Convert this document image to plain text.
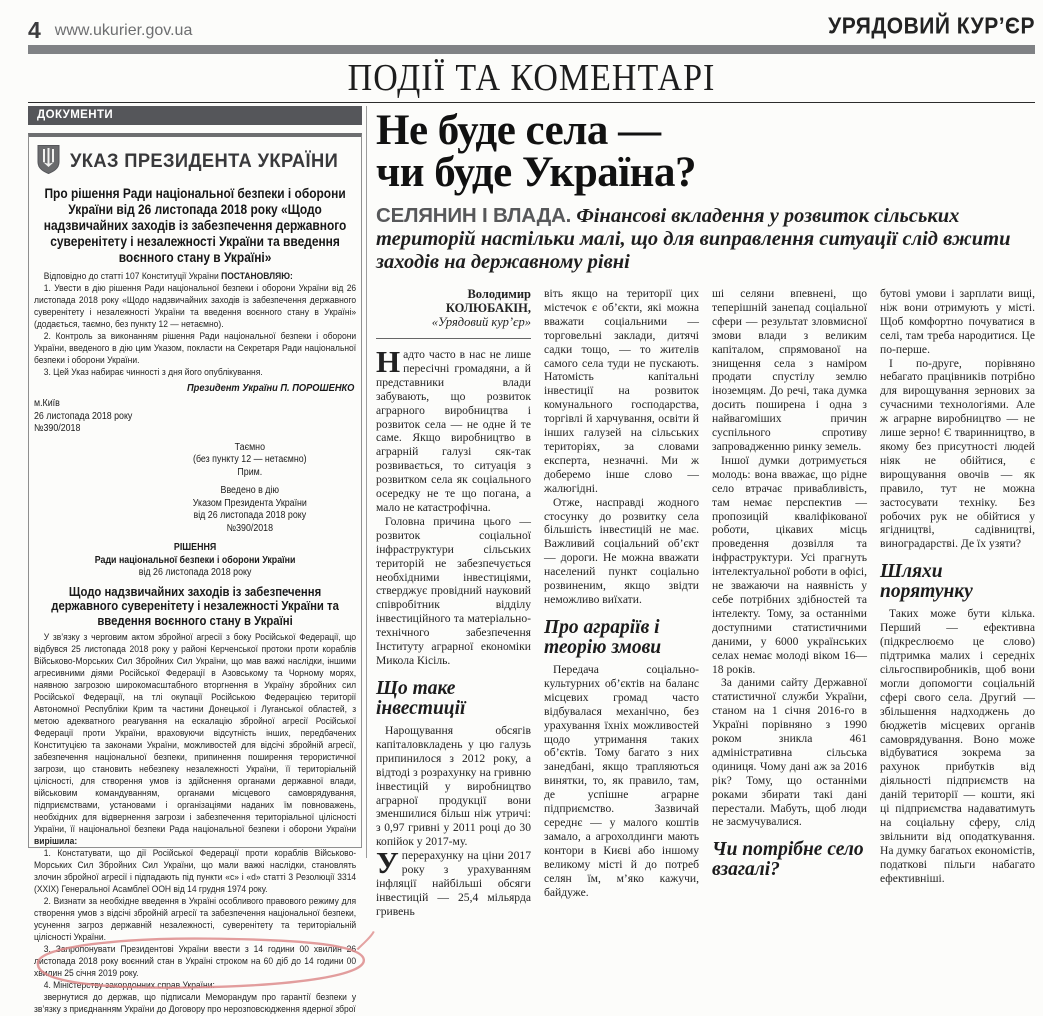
4 www.ukurier.gov.ua	УРЯДОВИЙ КУР’ЄР
ПОДІЇ ТА КОМЕНТАРІ
ДОКУМЕНТИ
УКАЗ ПРЕЗИДЕНТА УКРАЇНИ
Про рішення Ради національної безпеки і оборони України від 26 листопада 2018 року «Щодо надзвичайних заходів із забезпечення державного суверенітету і незалежності України та введення воєнного стану в Україні»

Відповідно до статті 107 Конституції України ПОСТАНОВЛЯЮ:

1. Увести в дію рішення Ради національної безпеки і оборони України від 26 листопада 2018 року «Щодо надзвичайних заходів із забезпечення державного суверенітету і незалежності України та введення воєнного стану в Україні» (додається, таємно, без пункту 12 — нетаємно).

2. Контроль за виконанням рішення Ради національної безпеки і оборони України, введеного в дію цим Указом, покласти на Секретаря Ради національної безпеки і оборони України.

3. Цей Указ набирає чинності з дня його опублікування.

Президент України П. ПОРОШЕНКО
м.Київ
26 листопада 2018 року
№390/2018
Таємно
(без пункту 12 — нетаємно)
Прим.
Введено в дію
Указом Президента України
від 26 листопада 2018 року
№390/2018
РІШЕННЯ
Ради національної безпеки і оборони України
від 26 листопада 2018 року
Щодо надзвичайних заходів із забезпечення державного суверенітету і незалежності України та введення воєнного стану в Україні

У зв’язку з черговим актом збройної агресії з боку Російської Федерації, що відбувся 25 листопада 2018 року у районі Керченської протоки проти кораблів Військово-Морських Сил Збройних Сил України, що мав важкі наслідки, іншими агресивними діями Російської Федерації в Азовському та Чорному морях, наявною загрозою широкомасштабного вторгнення в Україну збройних сил Російської Федерації, на тлі окупації Російською Федерацією території Автономної Республіки Крим та частини Донецької і Луганської областей, з метою адекватного реагування на ескалацію збройної агресії Російської Федерації проти України, враховуючи відсутність інших, передбачених Конституцією та законами України, можливостей для відсічі збройній агресії, забезпечення національної безпеки, припинення поширення терористичної загрози, що становить небезпеку незалежності України, її територіальній цілісності, для створення умов із здійснення органами державної влади, військовим командуванням, органами місцевого самоврядування, підприємствами, установами і організаціями наданих їм повноважень, необхідних для відвернення загрози і забезпечення територіальної цілісності України, її національної безпеки Рада національної безпеки і оборони України вирішила:

1. Констатувати, що дії Російської Федерації проти кораблів Військово-Морських Сил Збройних Сил України, що мали важкі наслідки, становлять злочин збройної агресії і підпадають під пункти «c» і «d» статті 3 Резолюції 3314 (XXIX) Генеральної Асамблеї ООН від 14 грудня 1974 року.

2. Визнати за необхідне введення в Україні особливого правового режиму для створення умов з відсічі збройній агресії та забезпечення національної безпеки, усунення загроз державній незалежності, суверенітету та територіальній цілісності України.

3. Запропонувати Президентові України ввести з 14 години 00 хвилин 26 листопада 2018 року воєнний стан в Україні строком на 60 діб до 14 години 00 хвилин 25 січня 2019 року.

4. Міністерству закордонних справ України:

звернутися до держав, що підписали Меморандум про гарантії безпеки у зв’язку з приєднанням України до Договору про нерозповсюдження ядерної зброї

Не буде села —
чи буде Україна?
СЕЛЯНИН І ВЛАДА. Фінансові вкладення у розвиток сільських територій настільки малі, що для виправлення ситуації слід вжити заходів на державному рівні
Володимир
КОЛЮБАКІН,
«Урядовий кур’єр»

Надто часто в нас не лише пересічні громадяни, а й представники влади забувають, що розвиток аграрного виробництва і розвиток села — не одне й те саме. Якщо виробництво в аграрній галузі сяк-так розвивається, то ситуація з розвитком села як соціального осередку не те що погана, а мало не катастрофічна.

Головна причина цього — розвиток соціальної інфраструктури сільських територій не забезпечується необхідними інвестиціями, стверджує провідний науковий співробітник відділу інвестиційного та матеріально-технічного забезпечення Інституту аграрної економіки Микола Кісіль.

Що таке інвестиції

Нарощування обсягів капіталовкладень у цю галузь припинилося з 2012 року, а відтоді з розрахунку на гривню інвестицій у виробництво аграрної продукції вони зменшилися більш ніж утричі: з 0,97 гривні у 2011 році до 30 копійок у 2017-му.

Уперерахунку на ціни 2017 року з урахуванням інфляції найбільші обсяги інвестицій — 25,4 мільярда гривень

віть якщо на території цих містечок є об’єкти, які можна вважати соціальними — торговельні заклади, дитячі садки тощо, — то жителів самого села туди не пускають. Натомість капітальні інвестиції на розвиток комунального господарства, торгівлі й харчування, освіти й інших галузей на сільських територіях, за словами експерта, незначні. Ми ж доберемо інше слово — жалюгідні.

Отже, насправді жодного стосунку до розвитку села більшість інвестицій не має. Важливий соціальний об’єкт — дороги. Не можна вважати населений пункт соціально розвиненим, якщо звідти неможливо виїхати.

Про аграріїв і теорію змови

Передача соціально-культурних об’єктів на баланс місцевих громад часто відбувалася механічно, без урахування їхніх можливостей щодо утримання таких об’єктів. Тому багато з них занедбані, якщо трапляються винятки, то, як правило, там, де успішне аграрне підприємство. Зазвичай середнє — у малого коштів замало, а агрохолдинги мають контори в Києві або іншому великому місті й до потреб селян їм, м’яко кажучи, байдуже.

ші селяни впевнені, що теперішній занепад соціальної сфери — результат зловмисної змови влади з великим капіталом, спрямованої на знищення села з наміром продати спустілу землю іноземцям. До речі, така думка досить поширена і одна з найвагоміших причин суспільного спротиву запровадженню ринку земель.

Іншої думки дотримується молодь: вона вважає, що рідне село втрачає привабливість, там немає перспектив — пропозицій кваліфікованої роботи, цікавих місць проведення дозвілля та інфраструктури. Усі прагнуть інтелектуальної роботи в офісі, не зважаючи на наявність у себе потрібних здібностей та інтелекту. Тому, за останніми доступними статистичними даними, у 6000 українських селах немає молоді віком 16—18 років.

За даними сайту Державної статистичної служби України, станом на 1 січня 2016-го в Україні порівняно з 1990 роком зникла 461 адміністративна сільська одиниця. Чому дані аж за 2016 рік? Тому, що останніми роками збирати такі дані перестали. Мабуть, щоб люди не засмучувалися.

Чи потрібне село взагалі?

бутові умови і зарплати вищі, ніж вони отримують у місті. Щоб комфортно почуватися в селі, там треба народитися. Це по-перше.

І по-друге, порівняно небагато працівників потрібно для вирощування зернових за сучасними технологіями. Але ж аграрне виробництво — не лише зерно! Є тваринництво, в якому без присутності людей ніяк не обійтися, є вирощування овочів — як правило, тут не можна застосувати техніку. Без робочих рук не обійтися у ягідництві, садівництві, виноградарстві. Де їх узяти?

Шляхи порятунку

Таких може бути кілька. Перший — ефективна (підкреслюємо це слово) підтримка малих і середніх сільгоспвиробників, щоб вони могли допомогти соціальній сфері свого села. Другий — збільшення надходжень до бюджетів місцевих органів самоврядування. Воно може відбуватися зокрема за рахунок прибутків від діяльності підприємств на даній території — кошти, які ці підприємства надаватимуть на соціальну сферу, слід звільнити від оподаткування. На думку багатьох економістів, податкові пільги набагато ефективніші.
